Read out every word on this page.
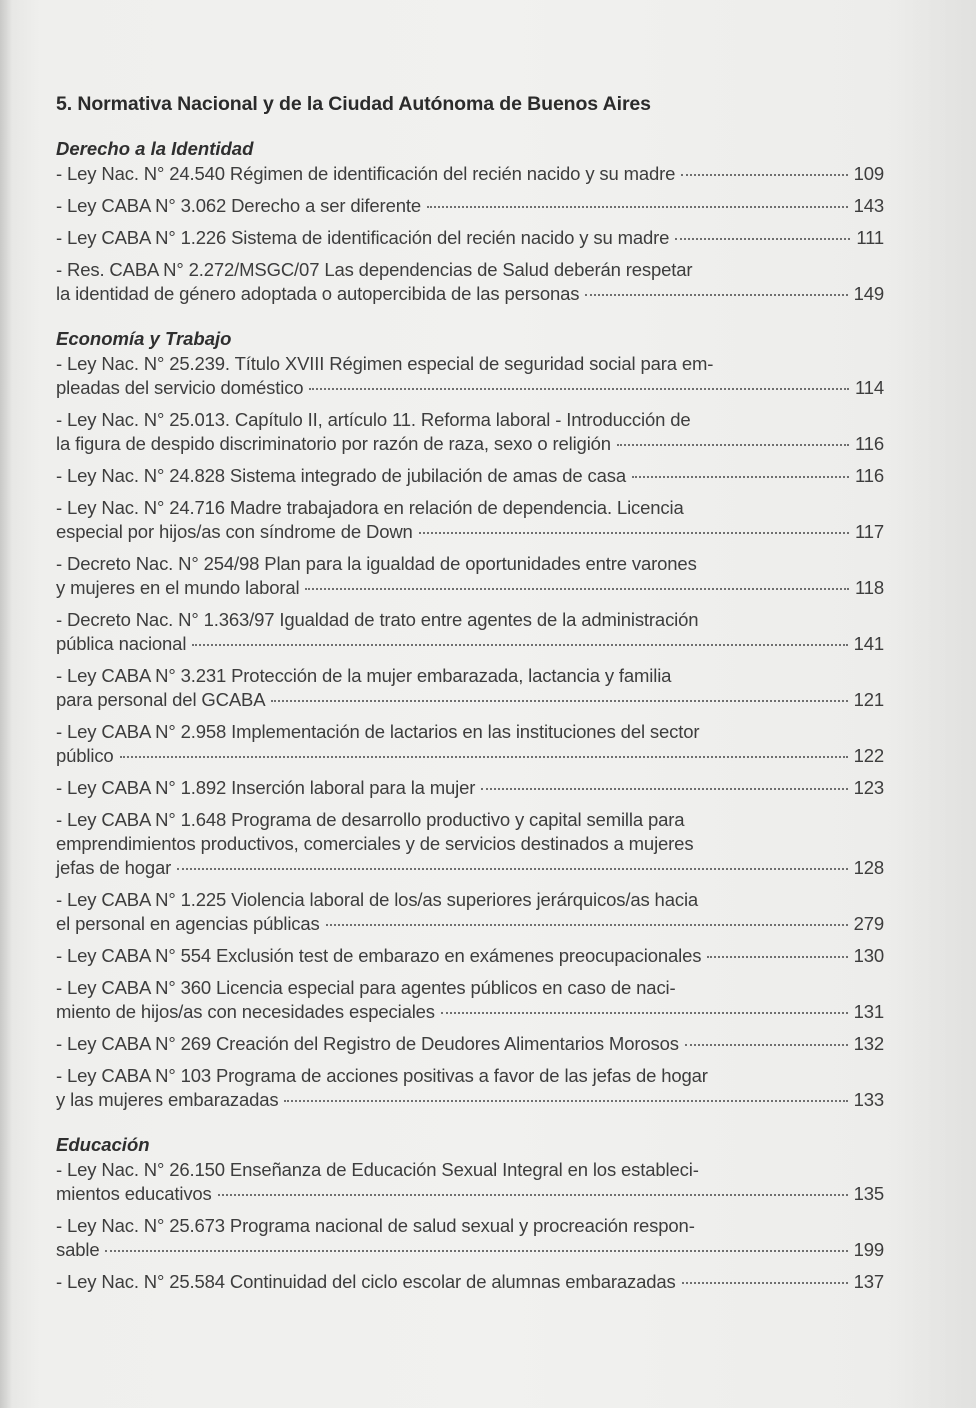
5. Normativa Nacional y de la Ciudad Autónoma de Buenos Aires
Derecho a la Identidad
- Ley Nac. N° 24.540 Régimen de identificación del recién nacido y su madre	109
- Ley CABA N° 3.062 Derecho a ser diferente	143
- Ley CABA N° 1.226 Sistema de identificación del recién nacido y su madre	111
- Res. CABA N° 2.272/MSGC/07 Las dependencias de Salud deberán respetar
la identidad de género adoptada o autopercibida de las personas	149
Economía y Trabajo
- Ley Nac. N° 25.239. Título XVIII Régimen especial de seguridad social para em-
pleadas del servicio doméstico	114
- Ley Nac. N° 25.013. Capítulo II, artículo 11. Reforma laboral - Introducción de
la figura de despido discriminatorio por razón de raza, sexo o religión	116
- Ley Nac. N° 24.828 Sistema integrado de jubilación de amas de casa	116
- Ley Nac. N° 24.716 Madre trabajadora en relación de dependencia. Licencia
especial por hijos/as con síndrome de Down	117
- Decreto Nac. N° 254/98 Plan para la igualdad de oportunidades entre varones
y mujeres en el mundo laboral	118
- Decreto Nac. N° 1.363/97 Igualdad de trato entre agentes de la administración
pública nacional	141
- Ley CABA N° 3.231 Protección de la mujer embarazada, lactancia y familia
para personal del GCABA	121
- Ley CABA N° 2.958 Implementación de lactarios en las instituciones del sector
público	122
- Ley CABA N° 1.892 Inserción laboral para la mujer	123
- Ley CABA N° 1.648 Programa de desarrollo productivo y capital semilla para
emprendimientos productivos, comerciales y de servicios destinados a mujeres
jefas de hogar	128
- Ley CABA N° 1.225 Violencia laboral de los/as superiores jerárquicos/as hacia
el personal en agencias públicas	279
- Ley CABA N° 554 Exclusión test de embarazo en exámenes preocupacionales	130
- Ley CABA N° 360 Licencia especial para agentes públicos en caso de naci-
miento de hijos/as con necesidades especiales	131
- Ley CABA N° 269 Creación del Registro de Deudores Alimentarios Morosos	132
- Ley CABA N° 103 Programa de acciones positivas a favor de las jefas de hogar
y las mujeres embarazadas	133
Educación
- Ley Nac. N° 26.150 Enseñanza de Educación Sexual Integral en los estableci-
mientos educativos	135
- Ley Nac. N° 25.673 Programa nacional de salud sexual y procreación respon-
sable	199
- Ley Nac. N° 25.584 Continuidad del ciclo escolar de alumnas embarazadas	137
